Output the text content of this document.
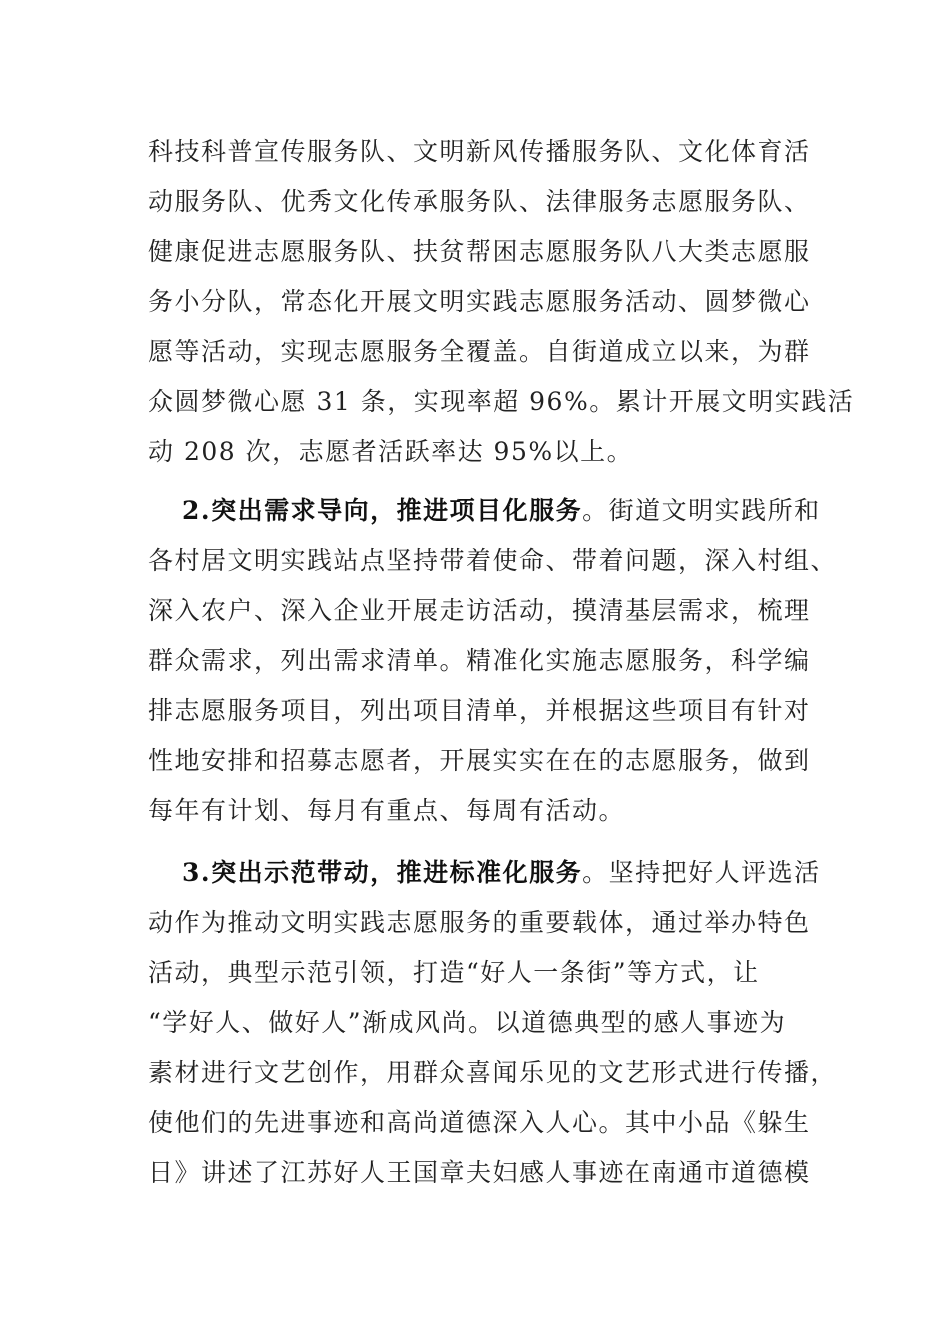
科技科普宣传服务队、文明新风传播服务队、文化体育活
动服务队、优秀文化传承服务队、法律服务志愿服务队、
健康促进志愿服务队、扶贫帮困志愿服务队八大类志愿服
务小分队，常态化开展文明实践志愿服务活动、圆梦微心
愿等活动，实现志愿服务全覆盖。自街道成立以来，为群
众圆梦微心愿 31 条，实现率超 96%。累计开展文明实践活
动 208 次，志愿者活跃率达 95%以上。
2.突出需求导向，推进项目化服务。街道文明实践所和
各村居文明实践站点坚持带着使命、带着问题，深入村组、
深入农户、深入企业开展走访活动，摸清基层需求，梳理
群众需求，列出需求清单。精准化实施志愿服务，科学编
排志愿服务项目，列出项目清单，并根据这些项目有针对
性地安排和招募志愿者，开展实实在在的志愿服务，做到
每年有计划、每月有重点、每周有活动。
3.突出示范带动，推进标准化服务。坚持把好人评选活
动作为推动文明实践志愿服务的重要载体，通过举办特色
活动，典型示范引领，打造“好人一条街”等方式，让
“学好人、做好人”渐成风尚。以道德典型的感人事迹为
素材进行文艺创作，用群众喜闻乐见的文艺形式进行传播，
使他们的先进事迹和高尚道德深入人心。其中小品《躲生
日》讲述了江苏好人王国章夫妇感人事迹在南通市道德模
